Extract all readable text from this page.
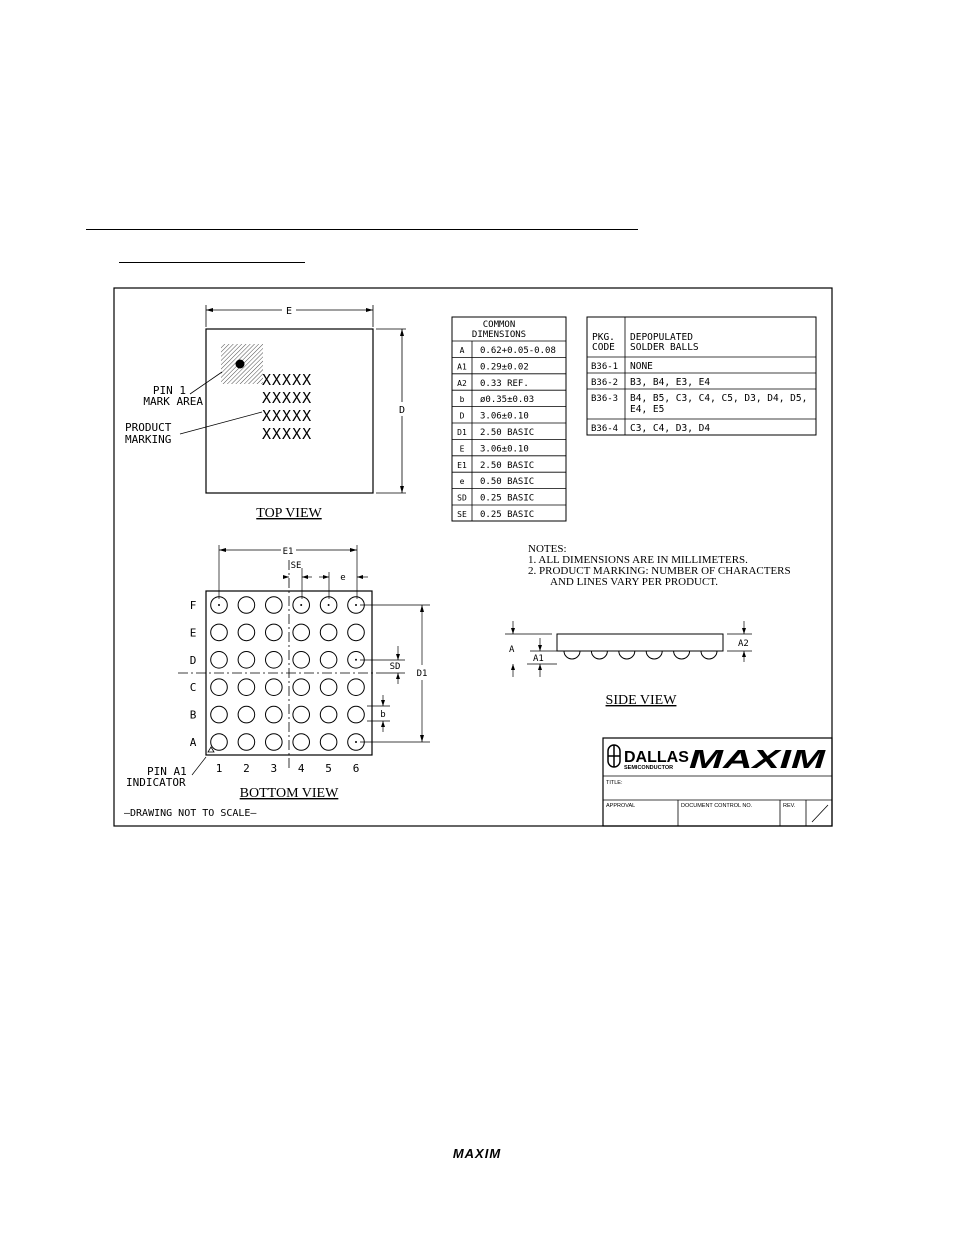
E
D
XXXXX
XXXXX
XXXXX
XXXXX
PIN 1
MARK AREA
PRODUCT
MARKING
TOP VIEW
COMMON
DIMENSIONS
A 0.62+0.05-0.08
A1 0.29±0.02
A2 0.33 REF.
b ø0.35±0.03
D 3.06±0.10
D1 2.50 BASIC
E 3.06±0.10
E1 2.50 BASIC
e 0.50 BASIC
SD 0.25 BASIC
SE 0.25 BASIC
PKG.
CODE
DEPOPULATED
SOLDER BALLS
B36-1 NONE
B36-2 B3, B4, E3, E4
B36-3 B4, B5, C3, C4, C5, D3, D4, D5,
E4, E5
B36-4 C3, C4, D3, D4
NOTES:
1. ALL DIMENSIONS ARE IN MILLIMETERS.
2. PRODUCT MARKING: NUMBER OF CHARACTERS
AND LINES VARY PER PRODUCT.
A
A1
A2
SIDE VIEW
F
E
D
C
B
A
1 2 3 4 5 6
E1
SE
e
D1
SD
b
PIN A1
INDICATOR
BOTTOM VIEW
—DRAWING NOT TO SCALE—
DALLAS
SEMICONDUCTOR MAXIM
TITLE:
APPROVAL	DOCUMENT CONTROL NO.	REV.
MAXIM
